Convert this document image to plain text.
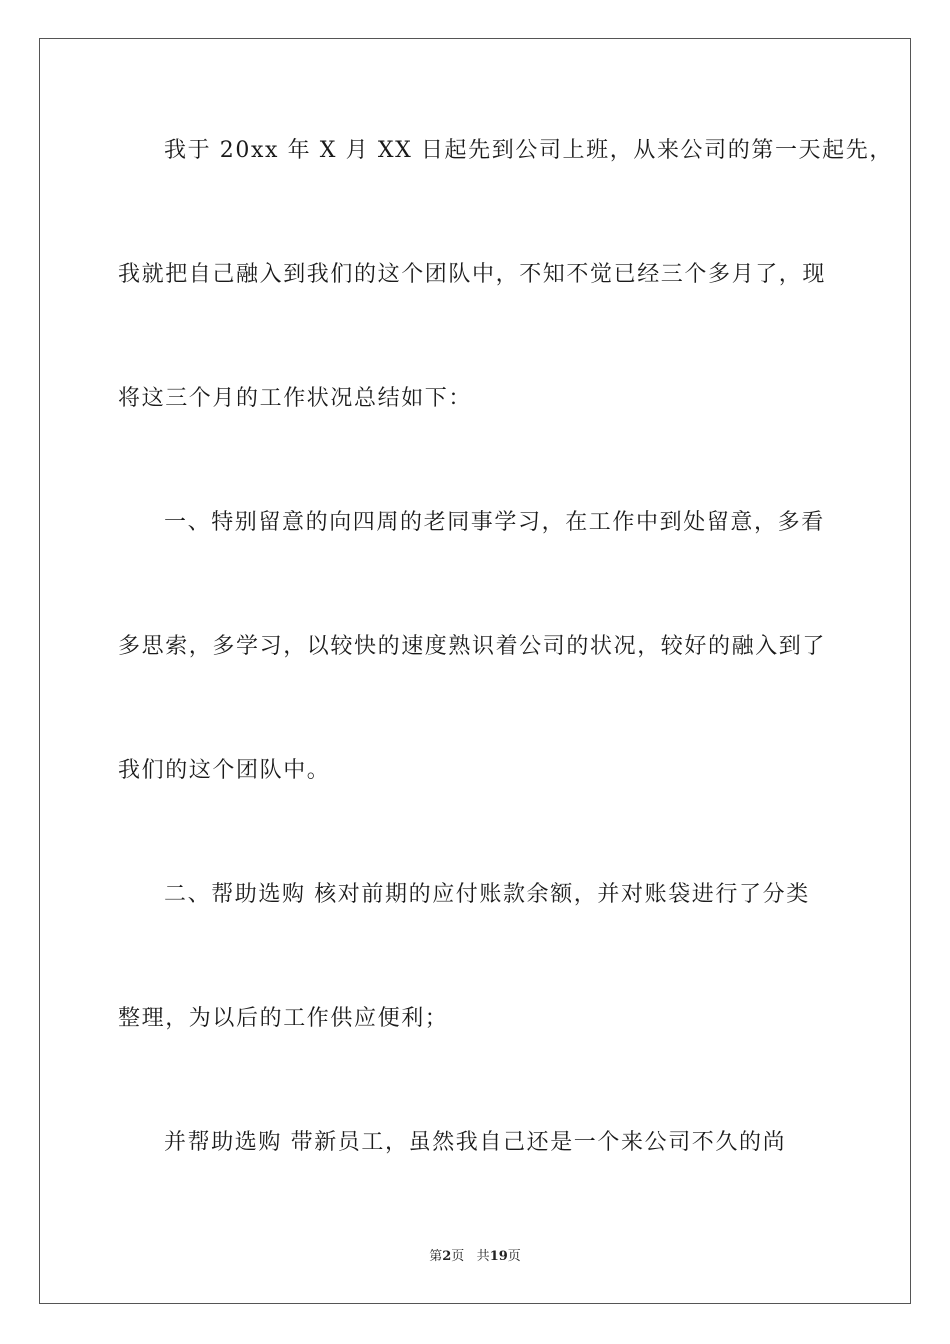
我于 20xx 年 X 月 XX 日起先到公司上班，从来公司的第一天起先，
我就把自己融入到我们的这个团队中，不知不觉已经三个多月了，现
将这三个月的工作状况总结如下：
一、特别留意的向四周的老同事学习，在工作中到处留意，多看
多思索，多学习，以较快的速度熟识着公司的状况，较好的融入到了
我们的这个团队中。
二、帮助选购 核对前期的应付账款余额，并对账袋进行了分类
整理，为以后的工作供应便利；
并帮助选购 带新员工，虽然我自己还是一个来公司不久的尚
第2页 共19页
